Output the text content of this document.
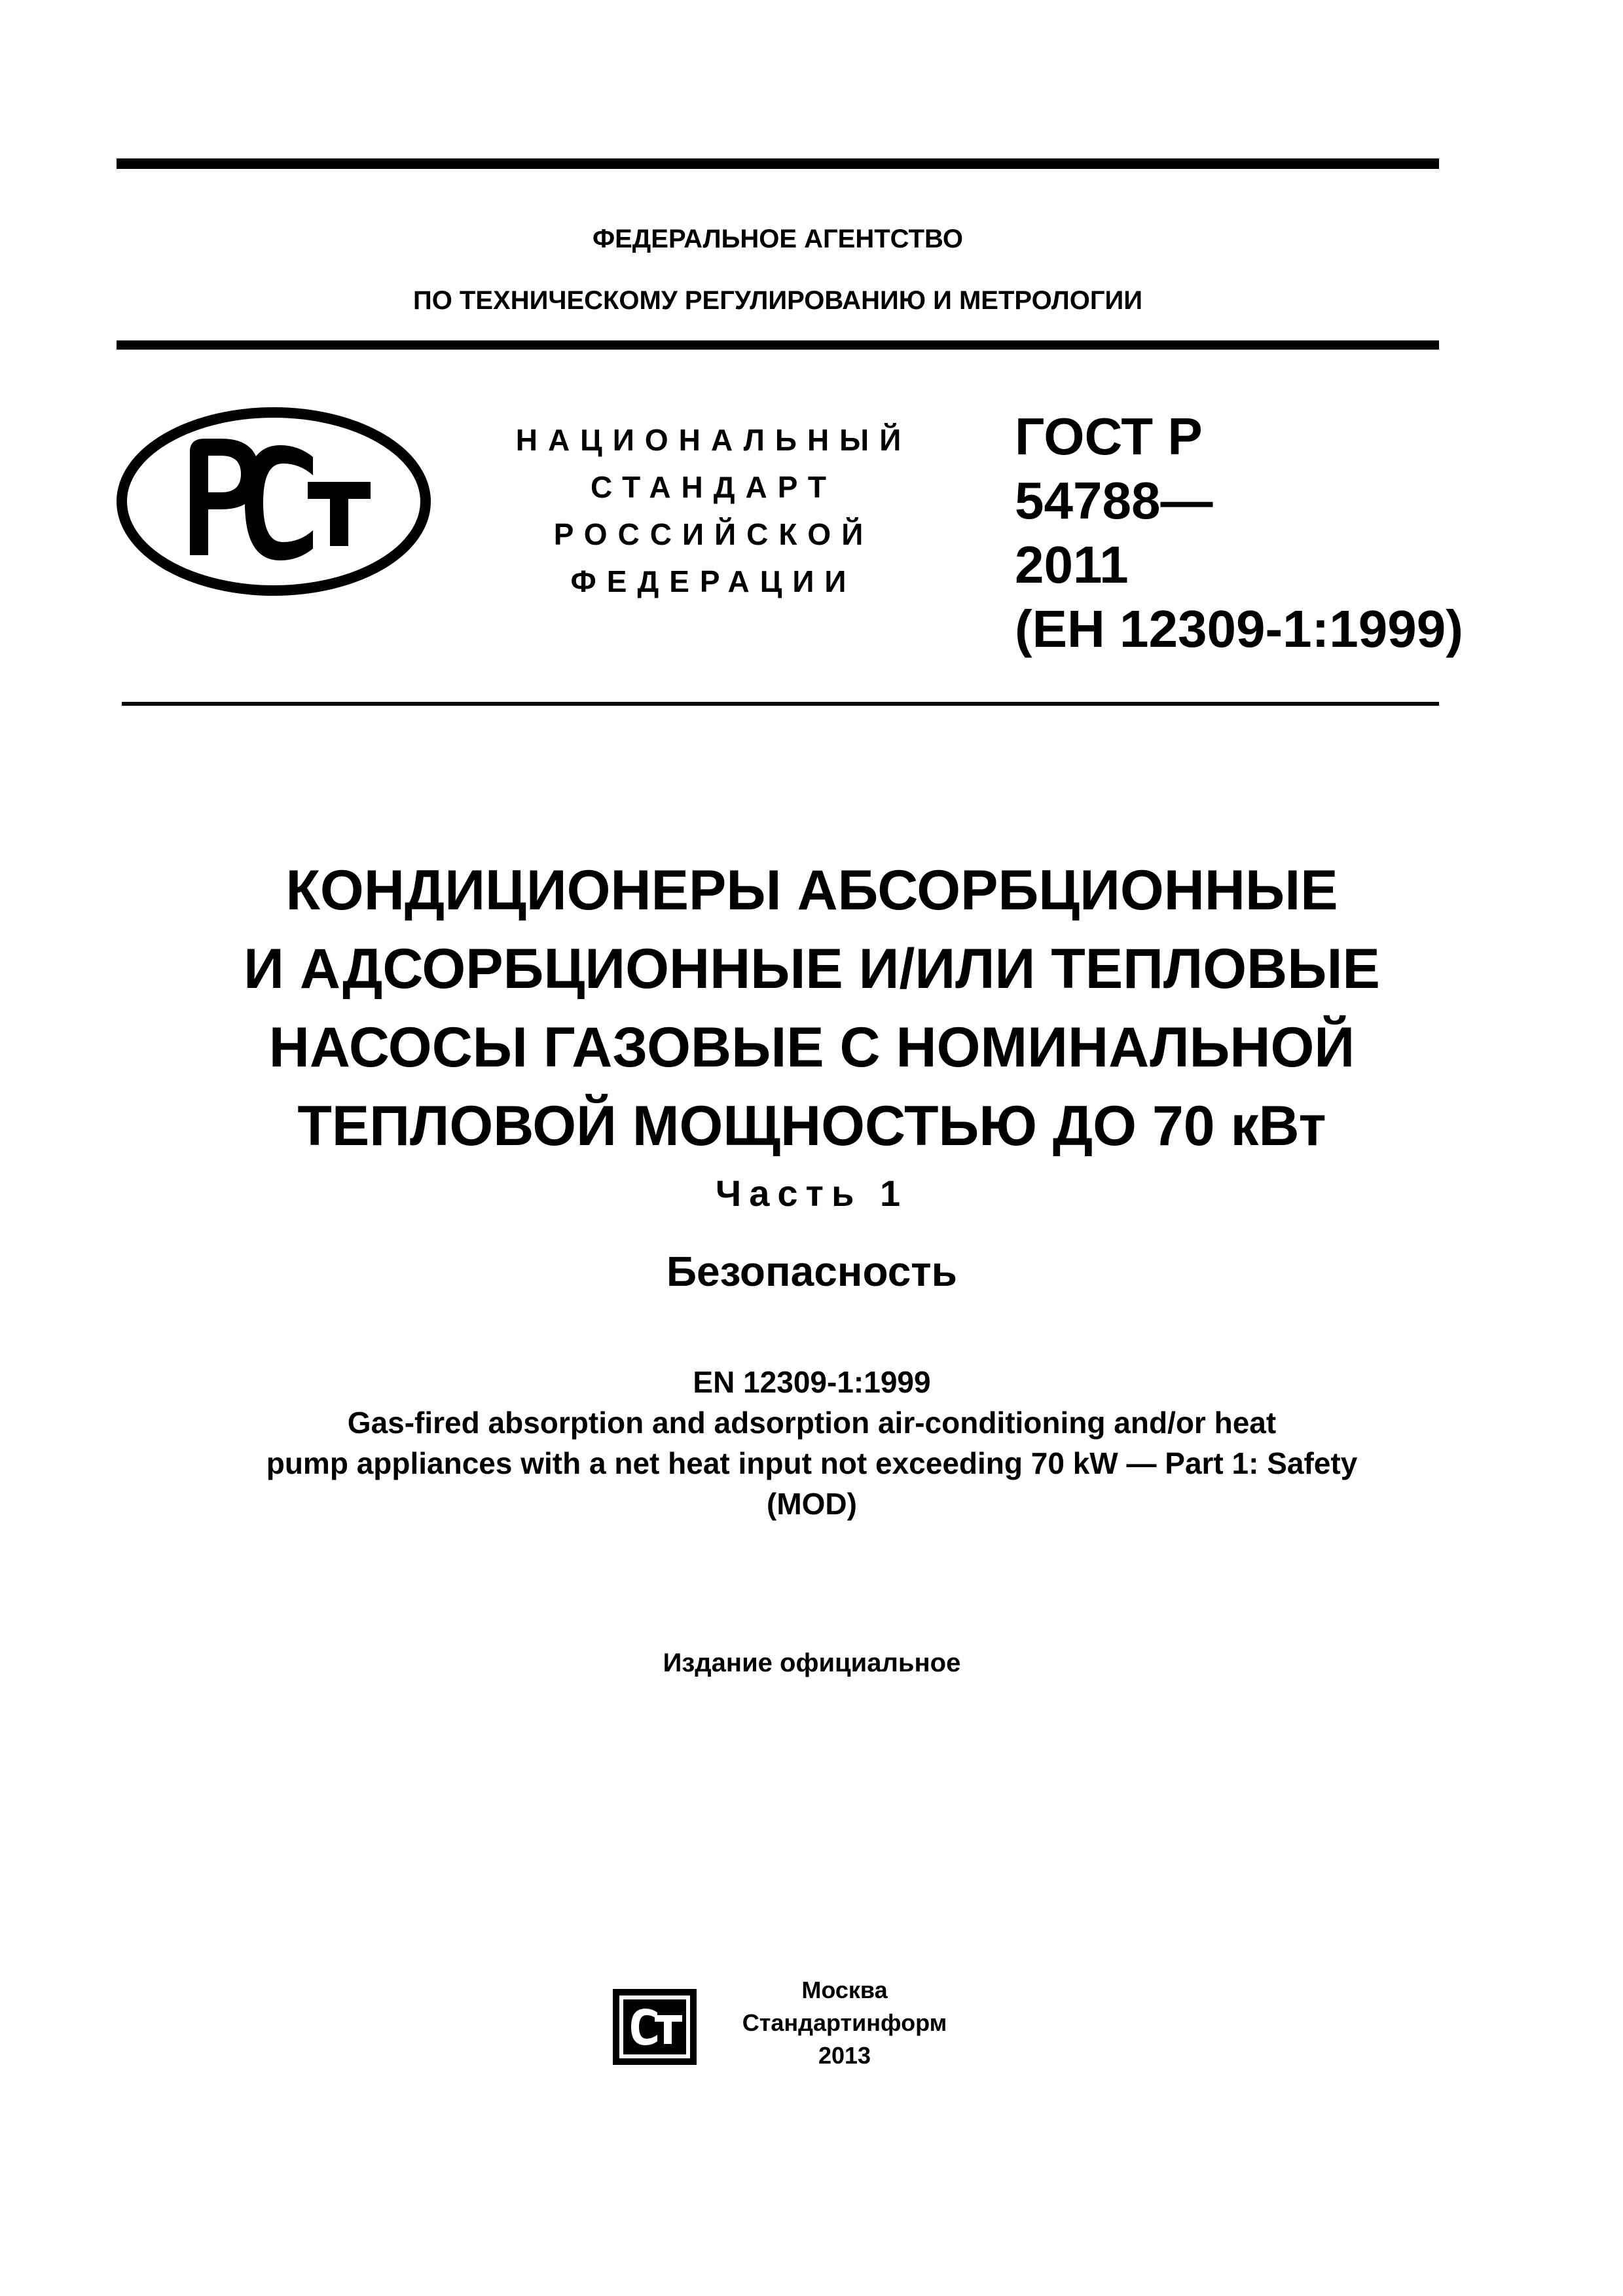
ФЕДЕРАЛЬНОЕ АГЕНТСТВО
ПО ТЕХНИЧЕСКОМУ РЕГУЛИРОВАНИЮ И МЕТРОЛОГИИ
НАЦИОНАЛЬНЫЙ
СТАНДАРТ
РОССИЙСКОЙ
ФЕДЕРАЦИИ
ГОСТ Р
54788—
2011
(ЕН 12309-1:1999)
КОНДИЦИОНЕРЫ АБСОРБЦИОННЫЕ
И АДСОРБЦИОННЫЕ И/ИЛИ ТЕПЛОВЫЕ
НАСОСЫ ГАЗОВЫЕ С НОМИНАЛЬНОЙ
ТЕПЛОВОЙ МОЩНОСТЬЮ ДО 70 кВт
Часть 1
Безопасность
EN 12309-1:1999
Gas-fired absorption and adsorption air-conditioning and/or heat
pump appliances with a net heat input not exceeding 70 kW — Part 1: Safety
(MOD)
Издание официальное
Москва
Стандартинформ
2013
